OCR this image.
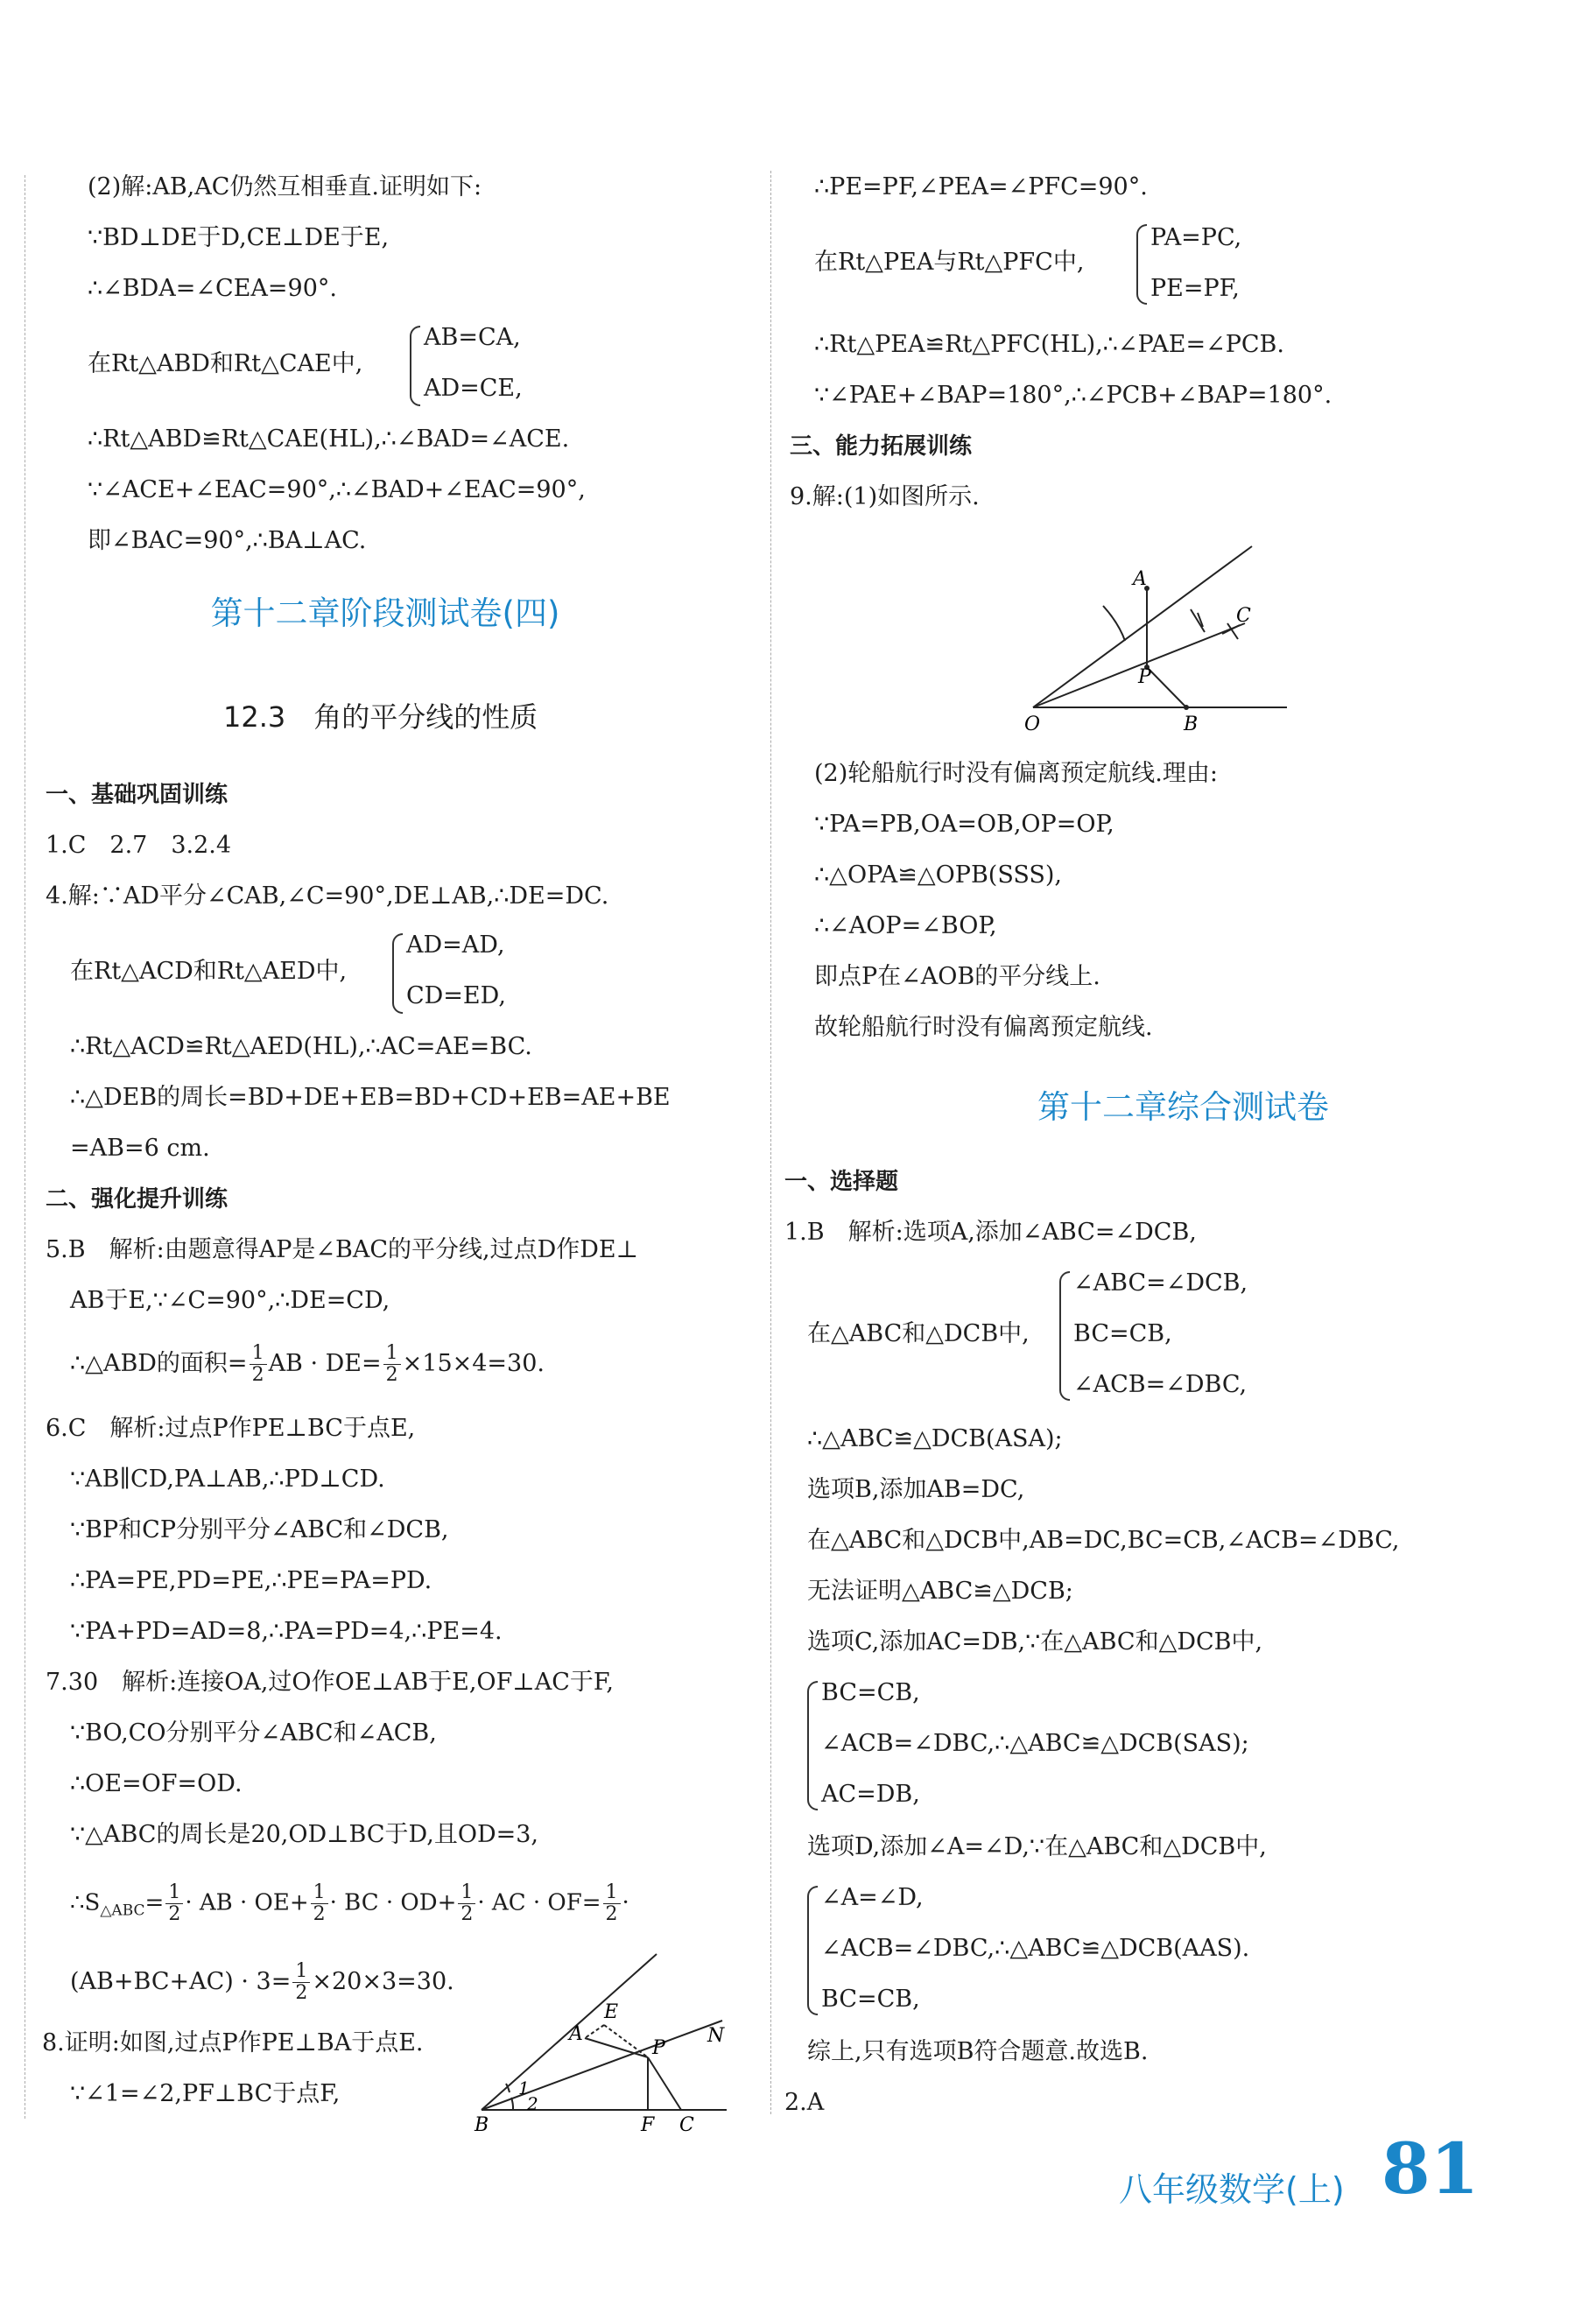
(2)解:AB,AC仍然互相垂直.证明如下:
∵BD⊥DE于D,CE⊥DE于E,
∴∠BDA=∠CEA=90°.
在Rt△ABD和Rt△CAE中,
AB=CA,
AD=CE,
∴Rt△ABD≌Rt△CAE(HL),∴∠BAD=∠ACE.
∵∠ACE+∠EAC=90°,∴∠BAD+∠EAC=90°,
即∠BAC=90°,∴BA⊥AC.
第十二章阶段测试卷(四)
12.3　角的平分线的性质
一、基础巩固训练
1.C　2.7　3.2.4
4.解:∵AD平分∠CAB,∠C=90°,DE⊥AB,∴DE=DC.
在Rt△ACD和Rt△AED中,
AD=AD,
CD=ED,
∴Rt△ACD≌Rt△AED(HL),∴AC=AE=BC.
∴△DEB的周长=BD+DE+EB=BD+CD+EB=AE+BE
=AB=6 cm.
二、强化提升训练
5.B　解析:由题意得AP是∠BAC的平分线,过点D作DE⊥
AB于E,∵∠C=90°,∴DE=CD,
∴△ABD的面积= $\frac{1}{2}$ AB · $DE= \frac{1}{2} \times 15\times 4=30$.
6.C　解析:过点P作PE⊥BC于点E,
∵AB∥CD,PA⊥AB,∴PD⊥CD.
∵BP和CP分别平分∠ABC和∠DCB,
∴PA=PE,PD=PE,∴PE=PA=PD.
∵PA+PD=AD=8,∴PA=PD=4,∴PE=4.
7.30　解析:连接OA,过O作OE⊥AB于E,OF⊥AC于F,
∵BO,CO分别平分∠ABC和∠ACB,
∴OE=OF=OD.
∵△ABC的周长是20,OD⊥BC于D,且OD=3,
$\therefore S_{\triangle ABC}= \frac{1}{2}$ · AB · $OE+ \frac{1}{2}$ · BC · $OD+ \frac{1}{2}$ · AC · $OF= \frac{1}{2}$ ·
$(AB+BC+AC) \cdot 3= \frac{1}{2} \times 20\times 3=30$.
8.证明:如图,过点P作PE⊥BA于点E.
∵∠1=∠2,PF⊥BC于点F,
E
A
P
N
1
2
B	F C
∴PE=PF,∠PEA=∠PFC=90°.
在Rt△PEA与Rt△PFC中,
PA=PC,
PE=PF,
∴Rt△PEA≌Rt△PFC(HL),∴∠PAE=∠PCB.
∵∠PAE+∠BAP=180°,∴∠PCB+∠BAP=180°.
三、能力拓展训练
9.解:(1)如图所示.
A
C
P
O	B
(2)轮船航行时没有偏离预定航线.理由:
∵PA=PB,OA=OB,OP=OP,
∴△OPA≌△OPB(SSS),
∴∠AOP=∠BOP,
即点P在∠AOB的平分线上.
故轮船航行时没有偏离预定航线.
第十二章综合测试卷
一、选择题
1.B　解析:选项A,添加∠ABC=∠DCB,
在△ABC和△DCB中,
∠ABC=∠DCB,
BC=CB,
∠ACB=∠DBC,
∴△ABC≌△DCB(ASA);
选项B,添加AB=DC,
在△ABC和△DCB中,AB=DC,BC=CB,∠ACB=∠DBC,
无法证明△ABC≌△DCB;
选项C,添加AC=DB,∵在△ABC和△DCB中,
BC=CB,
∠ACB=∠DBC,∴△ABC≌△DCB(SAS);
AC=DB,
选项D,添加∠A=∠D,∵在△ABC和△DCB中,
∠A=∠D,
∠ACB=∠DBC,∴△ABC≌△DCB(AAS).
BC=CB,
综上,只有选项B符合题意.故选B.
2.A
八年级数学(上) 81
